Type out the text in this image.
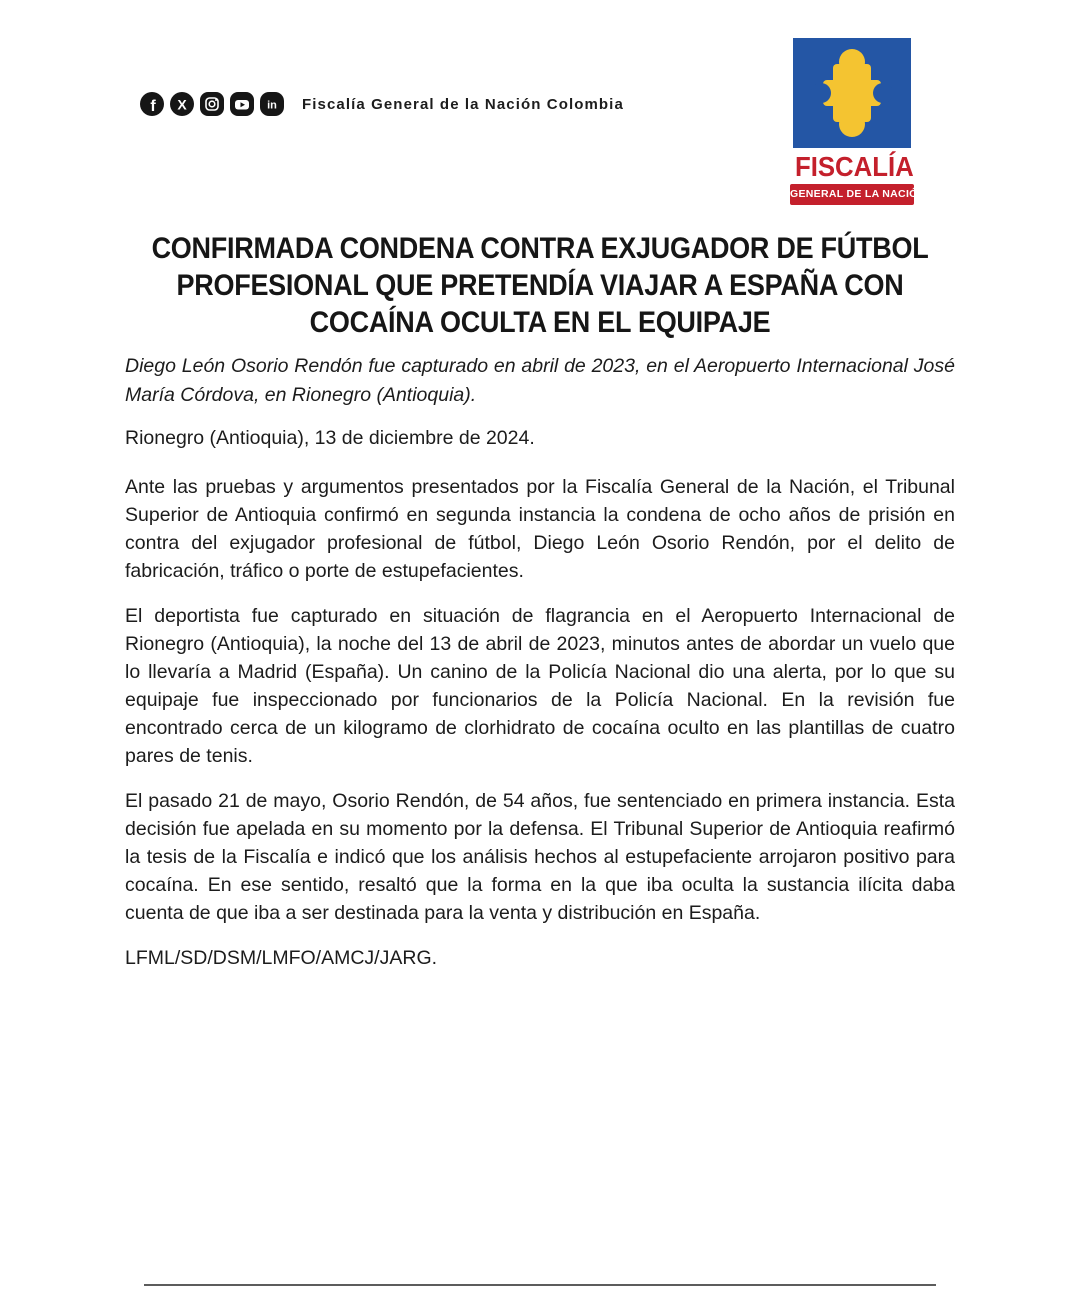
f X	in Fiscalía General de la Nación Colombia
FISCALÍA
GENERAL DE LA NACIÓN
CONFIRMADA CONDENA CONTRA EXJUGADOR DE FÚTBOL
PROFESIONAL QUE PRETENDÍA VIAJAR A ESPAÑA CON
COCAÍNA OCULTA EN EL EQUIPAJE

Diego León Osorio Rendón fue capturado en abril de 2023, en el Aeropuerto Internacional José María Córdova, en Rionegro (Antioquia).

Rionegro (Antioquia), 13 de diciembre de 2024.

Ante las pruebas y argumentos presentados por la Fiscalía General de la Nación, el Tribunal Superior de Antioquia confirmó en segunda instancia la condena de ocho años de prisión en contra del exjugador profesional de fútbol, Diego León Osorio Rendón, por el delito de fabricación, tráfico o porte de estupefacientes.

El deportista fue capturado en situación de flagrancia en el Aeropuerto Internacional de Rionegro (Antioquia), la noche del 13 de abril de 2023, minutos antes de abordar un vuelo que lo llevaría a Madrid (España). Un canino de la Policía Nacional dio una alerta, por lo que su equipaje fue inspeccionado por funcionarios de la Policía Nacional. En la revisión fue encontrado cerca de un kilogramo de clorhidrato de cocaína oculto en las plantillas de cuatro pares de tenis.

El pasado 21 de mayo, Osorio Rendón, de 54 años, fue sentenciado en primera instancia. Esta decisión fue apelada en su momento por la defensa. El Tribunal Superior de Antioquia reafirmó la tesis de la Fiscalía e indicó que los análisis hechos al estupefaciente arrojaron positivo para cocaína. En ese sentido, resaltó que la forma en la que iba oculta la sustancia ilícita daba cuenta de que iba a ser destinada para la venta y distribución en España.

LFML/SD/DSM/LMFO/AMCJ/JARG.
